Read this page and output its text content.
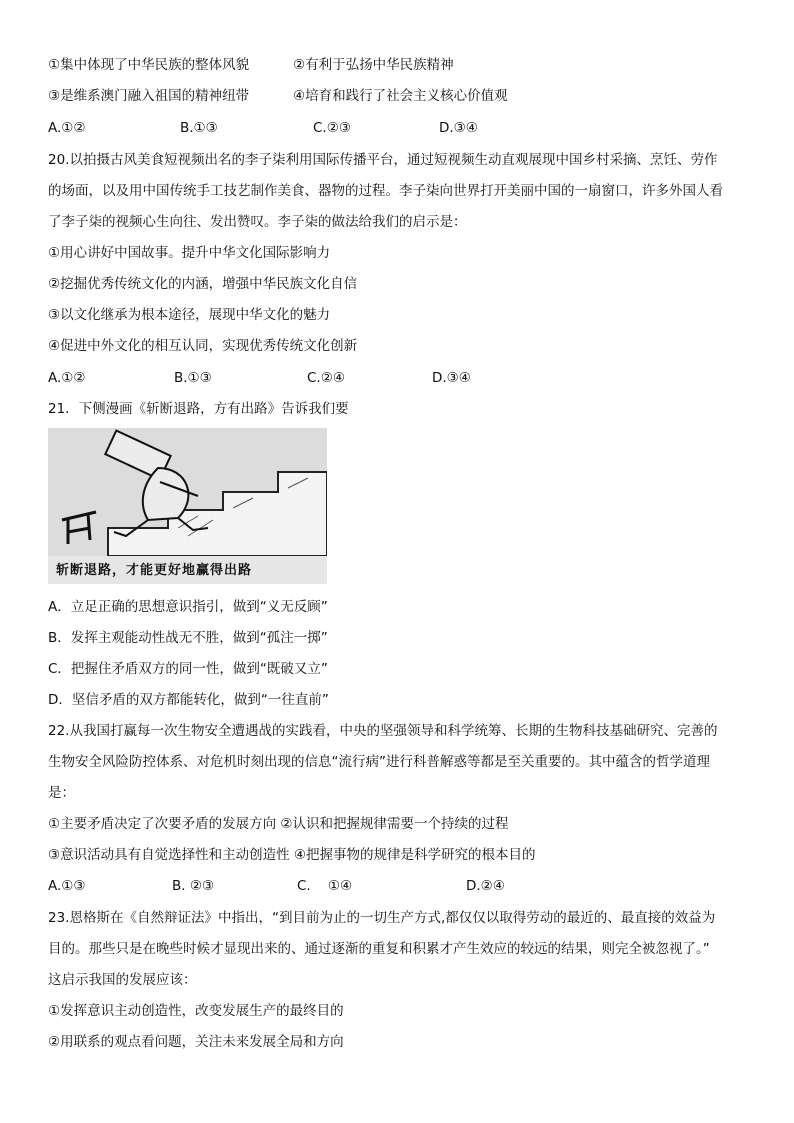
①集中体现了中华民族的整体风貌	②有利于弘扬中华民族精神
③是维系澳门融入祖国的精神纽带	④培育和践行了社会主义核心价值观
A.①②	B.①③	C.②③	D.③④
20.以拍摄古风美食短视频出名的李子柒利用国际传播平台，通过短视频生动直观展现中国乡村采摘、烹饪、劳作
的场面，以及用中国传统手工技艺制作美食、器物的过程。李子柒向世界打开美丽中国的一扇窗口，许多外国人看
了李子柒的视频心生向往、发出赞叹。李子柒的做法给我们的启示是：
①用心讲好中国故事。提升中华文化国际影响力
②挖掘优秀传统文化的内涵，增强中华民族文化自信
③以文化继承为根本途径，展现中华文化的魅力
④促进中外文化的相互认同，实现优秀传统文化创新
A.①②	B.①③	C.②④	D.③④
21．下侧漫画《斩断退路，方有出路》告诉我们要
斩断退路，才能更好地赢得出路
A．立足正确的思想意识指引，做到“义无反顾”
B．发挥主观能动性战无不胜，做到“孤注一掷”
C．把握住矛盾双方的同一性，做到“既破又立”
D．坚信矛盾的双方都能转化，做到“一往直前”
22.从我国打赢每一次生物安全遭遇战的实践看，中央的坚强领导和科学统筹、长期的生物科技基础研究、完善的
生物安全风险防控体系、对危机时刻出现的信息“流行病”进行科普解惑等都是至关重要的。其中蕴含的哲学道理
是：
①主要矛盾决定了次要矛盾的发展方向 ②认识和把握规律需要一个持续的过程
③意识活动具有自觉选择性和主动创造性 ④把握事物的规律是科学研究的根本目的
A.①③	B. ②③	C.    ①④	D.②④
23.恩格斯在《自然辩证法》中指出，“到目前为止的一切生产方式,都仅仅以取得劳动的最近的、最直接的效益为
目的。那些只是在晚些时候才显现出来的、通过逐渐的重复和积累才产生效应的较远的结果，则完全被忽视了。”
这启示我国的发展应该：
①发挥意识主动创造性，改变发展生产的最终目的
②用联系的观点看问题，关注未来发展全局和方向
